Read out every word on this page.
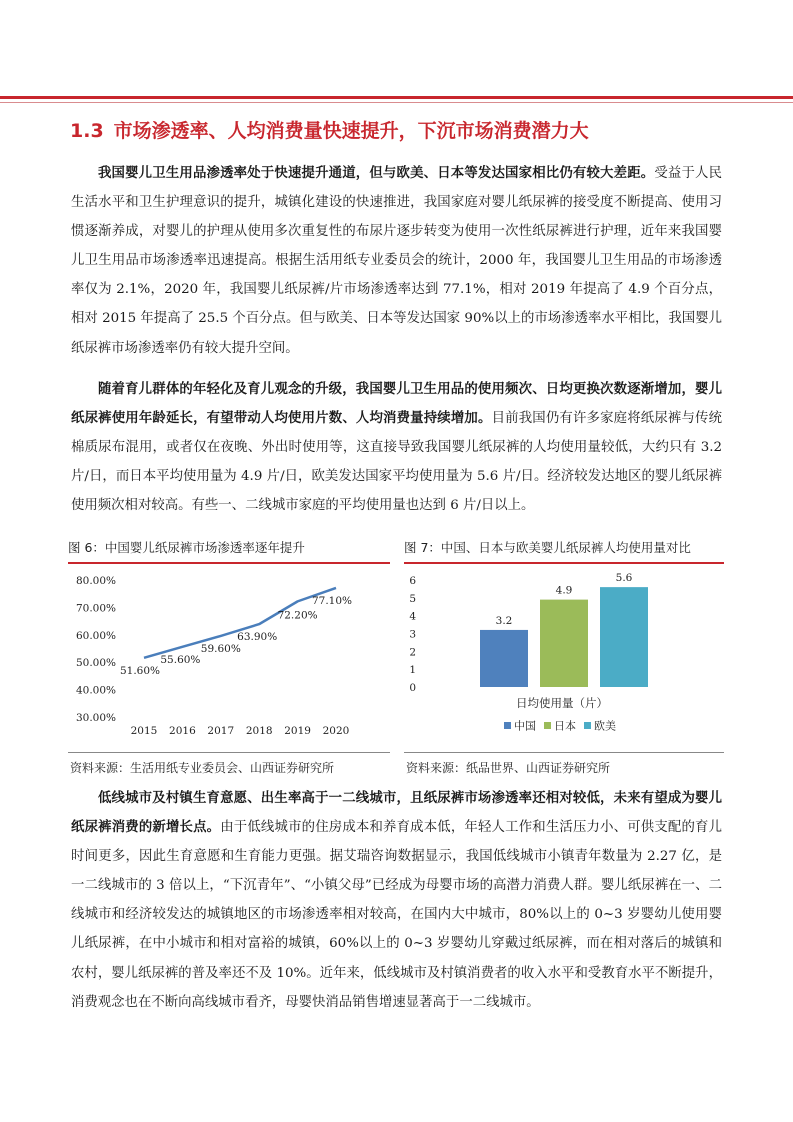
1.3 市场渗透率、人均消费量快速提升，下沉市场消费潜力大

我国婴儿卫生用品渗透率处于快速提升通道，但与欧美、日本等发达国家相比仍有较大差距。受益于人民生活水平和卫生护理意识的提升，城镇化建设的快速推进，我国家庭对婴儿纸尿裤的接受度不断提高、使用习惯逐渐养成，对婴儿的护理从使用多次重复性的布尿片逐步转变为使用一次性纸尿裤进行护理，近年来我国婴儿卫生用品市场渗透率迅速提高。根据生活用纸专业委员会的统计，2000 年，我国婴儿卫生用品的市场渗透率仅为 2.1%，2020 年，我国婴儿纸尿裤/片市场渗透率达到 77.1%，相对 2019 年提高了 4.9 个百分点，相对 2015 年提高了 25.5 个百分点。但与欧美、日本等发达国家 90%以上的市场渗透率水平相比，我国婴儿纸尿裤市场渗透率仍有较大提升空间。

随着育儿群体的年轻化及育儿观念的升级，我国婴儿卫生用品的使用频次、日均更换次数逐渐增加，婴儿纸尿裤使用年龄延长，有望带动人均使用片数、人均消费量持续增加。目前我国仍有许多家庭将纸尿裤与传统棉质尿布混用，或者仅在夜晚、外出时使用等，这直接导致我国婴儿纸尿裤的人均使用量较低，大约只有 3.2 片/日，而日本平均使用量为 4.9 片/日，欧美发达国家平均使用量为 5.6 片/日。经济较发达地区的婴儿纸尿裤使用频次相对较高。有些一、二线城市家庭的平均使用量也达到 6 片/日以上。

图 6：中国婴儿纸尿裤市场渗透率逐年提升	图 7：中国、日本与欧美婴儿纸尿裤人均使用量对比
30.00%
40.00%
50.00%
60.00%
70.00%
80.00%
2015 2016 2017 2018 2019 2020
51.60%
55.60%
59.60%
63.90%
72.20%
77.10%
0
1
2
3
4
5
6
3.2
4.9
5.6
日均使用量（片）
中国 日本 欧美
资料来源：生活用纸专业委员会、山西证券研究所	资料来源：纸品世界、山西证券研究所

低线城市及村镇生育意愿、出生率高于一二线城市，且纸尿裤市场渗透率还相对较低，未来有望成为婴儿纸尿裤消费的新增长点。由于低线城市的住房成本和养育成本低，年轻人工作和生活压力小、可供支配的育儿时间更多，因此生育意愿和生育能力更强。据艾瑞咨询数据显示，我国低线城市小镇青年数量为 2.27 亿，是一二线城市的 3 倍以上，“下沉青年”、“小镇父母”已经成为母婴市场的高潜力消费人群。婴儿纸尿裤在一、二线城市和经济较发达的城镇地区的市场渗透率相对较高，在国内大中城市，80%以上的 0~3 岁婴幼儿使用婴儿纸尿裤，在中小城市和相对富裕的城镇，60%以上的 0~3 岁婴幼儿穿戴过纸尿裤，而在相对落后的城镇和农村，婴儿纸尿裤的普及率还不及 10%。近年来，低线城市及村镇消费者的收入水平和受教育水平不断提升，消费观念也在不断向高线城市看齐，母婴快消品销售增速显著高于一二线城市。
